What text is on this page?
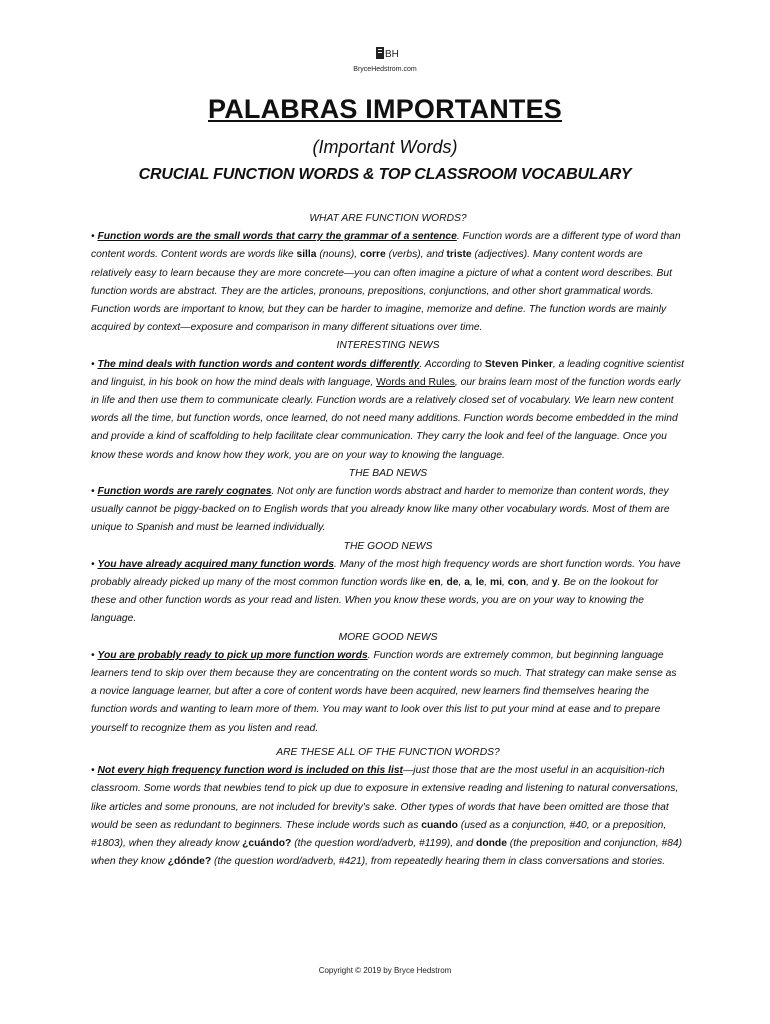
BH
BryceHedstrom.com
PALABRAS IMPORTANTES
(Important Words)
CRUCIAL FUNCTION WORDS & TOP CLASSROOM VOCABULARY
WHAT ARE FUNCTION WORDS?
• Function words are the small words that carry the grammar of a sentence. Function words are a different type of word than content words. Content words are words like silla (nouns), corre (verbs), and triste (adjectives). Many content words are relatively easy to learn because they are more concrete—you can often imagine a picture of what a content word describes. But function words are abstract. They are the articles, pronouns, prepositions, conjunctions, and other short grammatical words. Function words are important to know, but they can be harder to imagine, memorize and define. The function words are mainly acquired by context—exposure and comparison in many different situations over time.
INTERESTING NEWS
• The mind deals with function words and content words differently. According to Steven Pinker, a leading cognitive scientist and linguist, in his book on how the mind deals with language, Words and Rules, our brains learn most of the function words early in life and then use them to communicate clearly. Function words are a relatively closed set of vocabulary. We learn new content words all the time, but function words, once learned, do not need many additions. Function words become embedded in the mind and provide a kind of scaffolding to help facilitate clear communication. They carry the look and feel of the language. Once you know these words and know how they work, you are on your way to knowing the language.
THE BAD NEWS
• Function words are rarely cognates. Not only are function words abstract and harder to memorize than content words, they usually cannot be piggy-backed on to English words that you already know like many other vocabulary words. Most of them are unique to Spanish and must be learned individually.
THE GOOD NEWS
• You have already acquired many function words. Many of the most high frequency words are short function words. You have probably already picked up many of the most common function words like en, de, a, le, mi, con, and y. Be on the lookout for these and other function words as your read and listen. When you know these words, you are on your way to knowing the language.
MORE GOOD NEWS
• You are probably ready to pick up more function words. Function words are extremely common, but beginning language learners tend to skip over them because they are concentrating on the content words so much. That strategy can make sense as a novice language learner, but after a core of content words have been acquired, new learners find themselves hearing the function words and wanting to learn more of them. You may want to look over this list to put your mind at ease and to prepare yourself to recognize them as you listen and read.
ARE THESE ALL OF THE FUNCTION WORDS?
• Not every high frequency function word is included on this list—just those that are the most useful in an acquisition-rich classroom. Some words that newbies tend to pick up due to exposure in extensive reading and listening to natural conversations, like articles and some pronouns, are not included for brevity's sake. Other types of words that have been omitted are those that would be seen as redundant to beginners. These include words such as cuando (used as a conjunction, #40, or a preposition, #1803), when they already know ¿cuándo? (the question word/adverb, #1199), and donde (the preposition and conjunction, #84) when they know ¿dónde? (the question word/adverb, #421), from repeatedly hearing them in class conversations and stories.
Copyright © 2019 by Bryce Hedstrom
